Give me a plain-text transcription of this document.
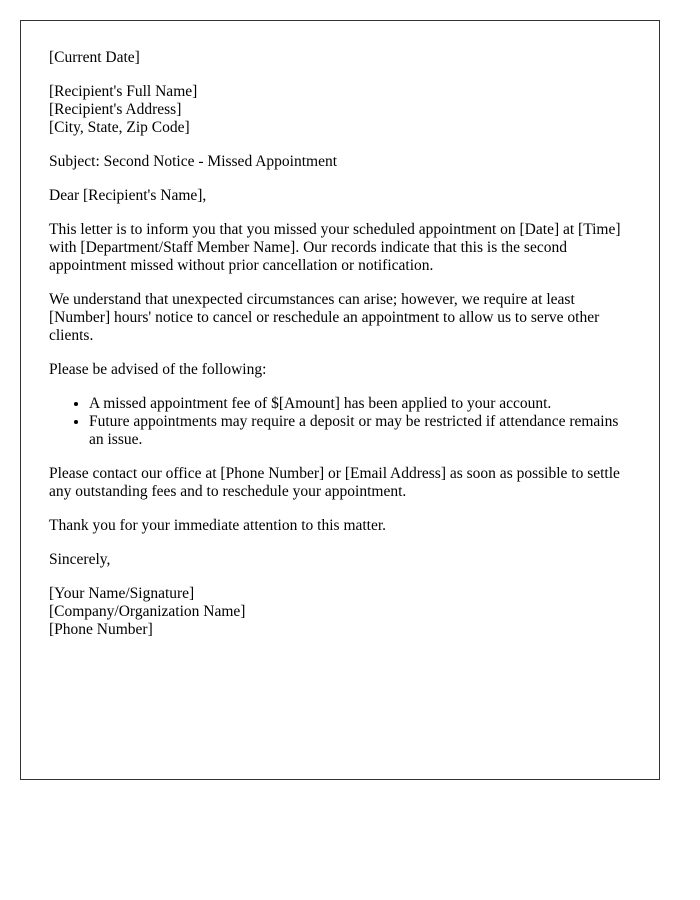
[Current Date]

[Recipient's Full Name]
[Recipient's Address]
[City, State, Zip Code]

Subject: Second Notice - Missed Appointment

Dear [Recipient's Name],

This letter is to inform you that you missed your scheduled appointment on [Date] at [Time] with [Department/Staff Member Name]. Our records indicate that this is the second appointment missed without prior cancellation or notification.

We understand that unexpected circumstances can arise; however, we require at least [Number] hours' notice to cancel or reschedule an appointment to allow us to serve other clients.

Please be advised of the following:

• A missed appointment fee of $[Amount] has been applied to your account.
• Future appointments may require a deposit or may be restricted if attendance remains an issue.

Please contact our office at [Phone Number] or [Email Address] as soon as possible to settle any outstanding fees and to reschedule your appointment.

Thank you for your immediate attention to this matter.

Sincerely,

[Your Name/Signature]
[Company/Organization Name]
[Phone Number]
